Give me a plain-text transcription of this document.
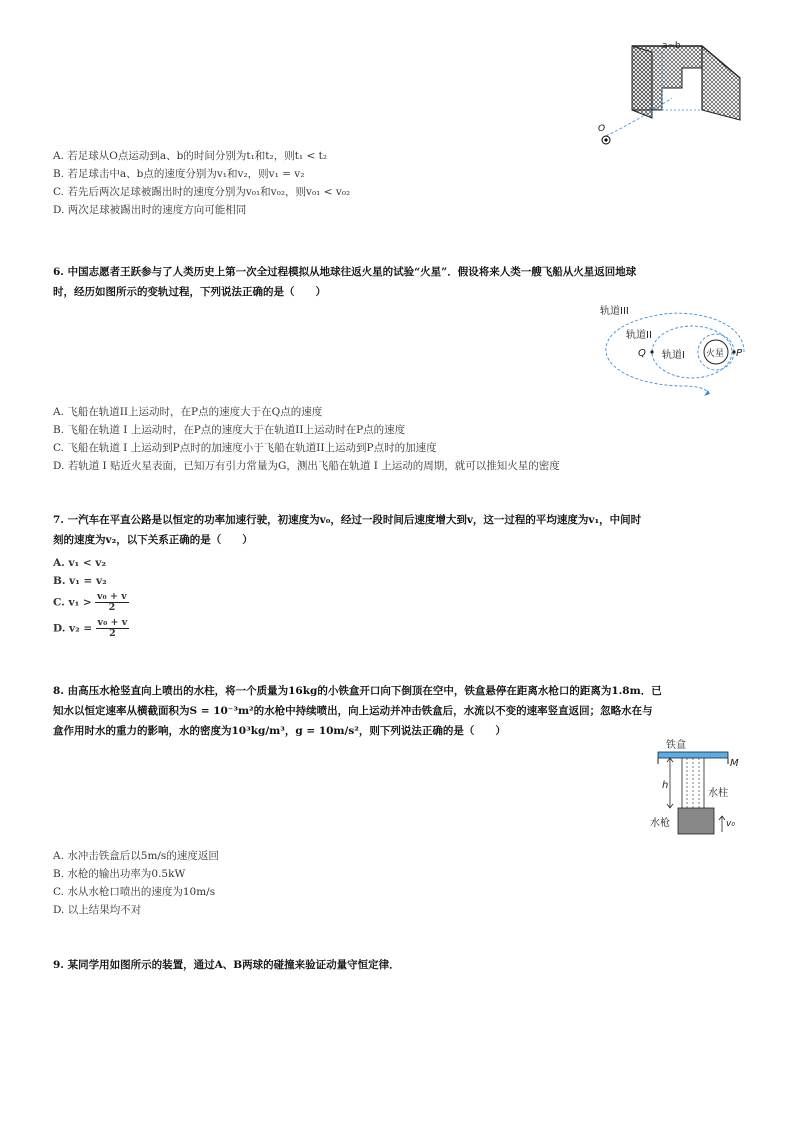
a~b
O
A. 若足球从O点运动到a、b的时间分别为t₁和t₂，则t₁ < t₂
B. 若足球击中a、b点的速度分别为v₁和v₂，则v₁ = v₂
C. 若先后两次足球被踢出时的速度分别为v₀₁和v₀₂，则v₀₁ < v₀₂
D. 两次足球被踢出时的速度方向可能相同
6. 中国志愿者王跃参与了人类历史上第一次全过程模拟从地球往返火星的试验“火星”．假设将来人类一艘飞船从火星返回地球
时，经历如图所示的变轨过程，下列说法正确的是（　　）
火星
轨道III
轨道II
轨道I
Q	P
A. 飞船在轨道II上运动时，在P点的速度大于在Q点的速度
B. 飞船在轨道 I 上运动时，在P点的速度大于在轨道II上运动时在P点的速度
C. 飞船在轨道 I 上运动到P点时的加速度小于飞船在轨道II上运动到P点时的加速度
D. 若轨道 I 贴近火星表面，已知万有引力常量为G，测出飞船在轨道 I 上运动的周期，就可以推知火星的密度
7. 一汽车在平直公路是以恒定的功率加速行驶，初速度为v₀，经过一段时间后速度增大到v，这一过程的平均速度为v₁，中间时
刻的速度为v₂，以下关系正确的是（　　）
A. v₁ < v₂
B. v₁ = v₂
C. $v_1 > \frac{\text{v₀ + v}}{2}$
D. $v_2 = \frac{\text{v₀ + v}}{2}$
8. 由高压水枪竖直向上喷出的水柱，将一个质量为16kg的小铁盒开口向下倒顶在空中，铁盒悬停在距离水枪口的距离为1.8m．已
知水以恒定速率从横截面积为S = 10⁻³m²的水枪中持续喷出，向上运动并冲击铁盒后，水流以不变的速率竖直返回；忽略水在与
盒作用时水的重力的影响，水的密度为10³kg/m³，g = 10m/s²，则下列说法正确的是（　　）
铁盒
M
h
水柱
水枪	v₀
A. 水冲击铁盒后以5m/s的速度返回
B. 水枪的输出功率为0.5kW
C. 水从水枪口喷出的速度为10m/s
D. 以上结果均不对
9. 某同学用如图所示的装置，通过A、B两球的碰撞来验证动量守恒定律．
